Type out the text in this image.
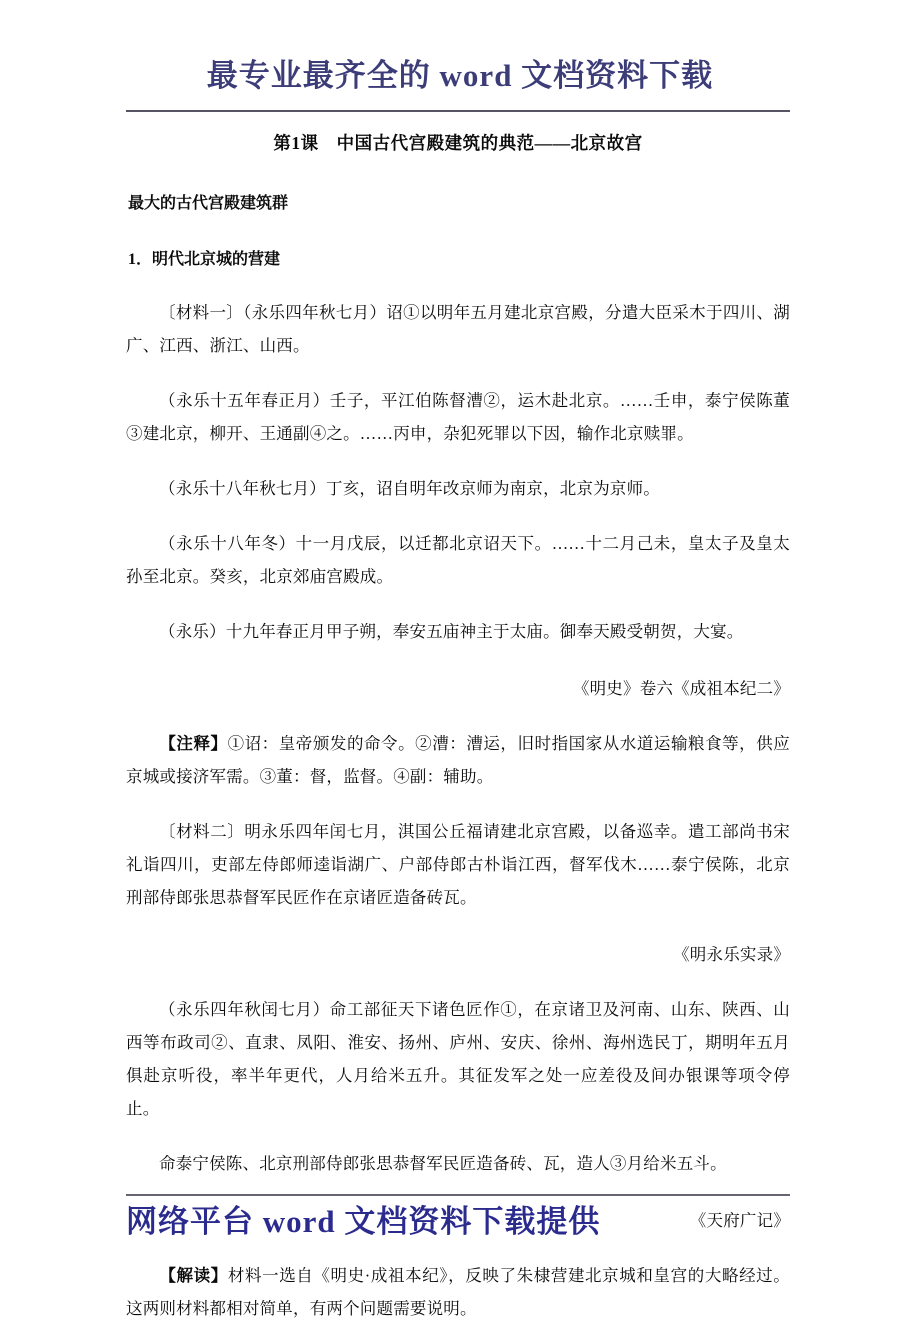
最专业最齐全的 word 文档资料下载
第1课　中国古代宫殿建筑的典范——北京故宫
最大的古代宫殿建筑群
1．明代北京城的营建

〔材料一〕（永乐四年秋七月）诏①以明年五月建北京宫殿，分遣大臣采木于四川、湖广、江西、浙江、山西。

（永乐十五年春正月）壬子，平江伯陈督漕②，运木赴北京。……壬申，泰宁侯陈董③建北京，柳开、王通副④之。……丙申，杂犯死罪以下因，输作北京赎罪。

（永乐十八年秋七月）丁亥，诏自明年改京师为南京，北京为京师。

（永乐十八年冬）十一月戊辰，以迁都北京诏天下。……十二月己未，皇太子及皇太孙至北京。癸亥，北京郊庙宫殿成。

（永乐）十九年春正月甲子朔，奉安五庙神主于太庙。御奉天殿受朝贺，大宴。

《明史》卷六《成祖本纪二》

【注释】①诏：皇帝颁发的命令。②漕：漕运，旧时指国家从水道运输粮食等，供应京城或接济军需。③董：督，监督。④副：辅助。

〔材料二〕明永乐四年闰七月，淇国公丘福请建北京宫殿，以备巡幸。遣工部尚书宋礼诣四川，吏部左侍郎师逵诣湖广、户部侍郎古朴诣江西，督军伐木……泰宁侯陈，北京刑部侍郎张思恭督军民匠作在京诸匠造备砖瓦。

《明永乐实录》

（永乐四年秋闰七月）命工部征天下诸色匠作①，在京诸卫及河南、山东、陕西、山西等布政司②、直隶、凤阳、淮安、扬州、庐州、安庆、徐州、海州选民丁，期明年五月俱赴京听役，率半年更代，人月给米五升。其征发军之处一应差役及间办银课等项令停止。

命泰宁侯陈、北京刑部侍郎张思恭督军民匠造备砖、瓦，造人③月给米五斗。

《天府广记》

【解读】材料一选自《明史·成祖本纪》，反映了朱棣营建北京城和皇宫的大略经过。这两则材料都相对简单，有两个问题需要说明。

网络平台 word 文档资料下载提供
